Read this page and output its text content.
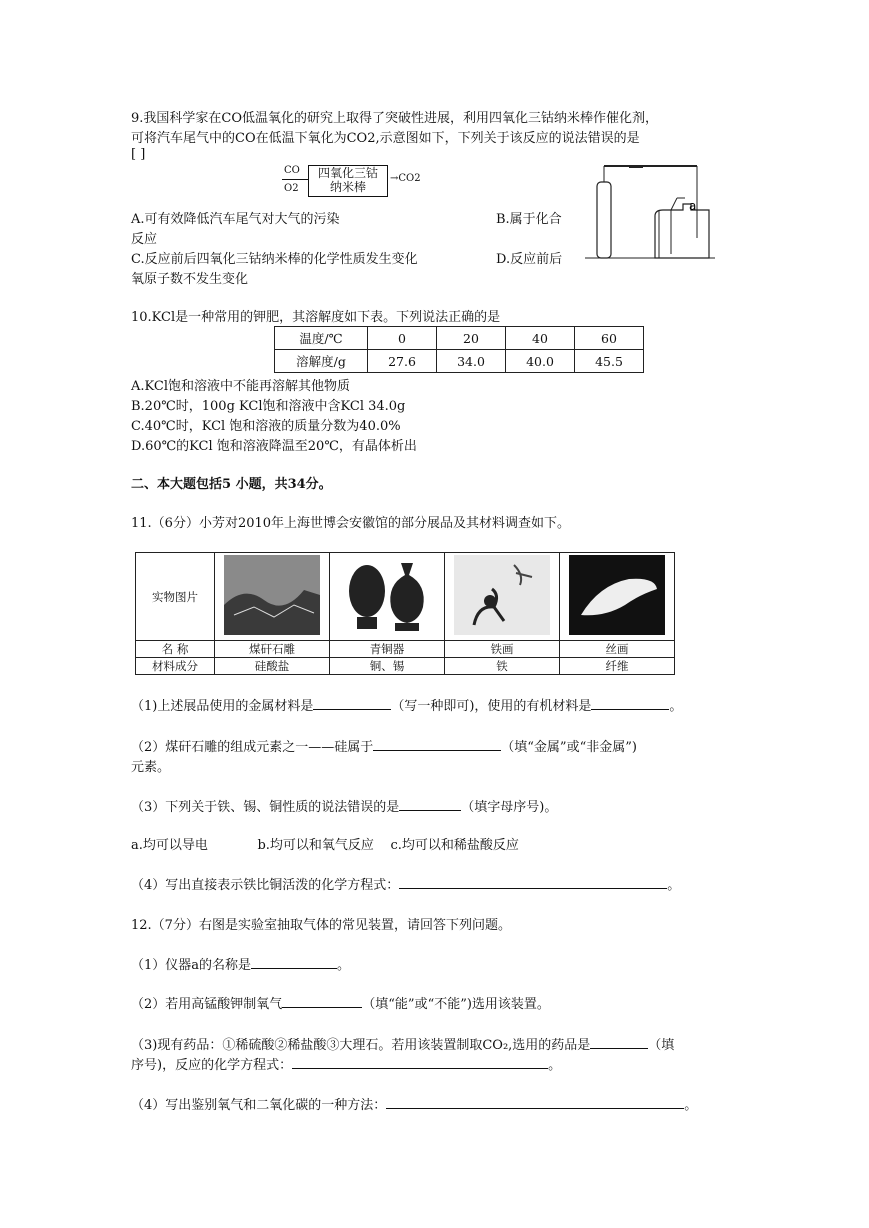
9.我国科学家在CO低温氧化的研究上取得了突破性进展，利用四氧化三钴纳米棒作催化剂，
可将汽车尾气中的CO在低温下氧化为CO2,示意图如下，下列关于该反应的说法错误的是
[ ]
CO
O2
四氧化三钴
纳米棒
→CO2
a
A.可有效降低汽车尾气对大气的污染	B.属于化合
反应
C.反应前后四氧化三钴纳米棒的化学性质发生变化	D.反应前后
氧原子数不发生变化
10.KCl是一种常用的钾肥，其溶解度如下表。下列说法正确的是
温度/℃	0	20	40	60
溶解度/g	27.6	34.0	40.0	45.5
A.KCl饱和溶液中不能再溶解其他物质
B.20℃时，100g KCl饱和溶液中含KCl 34.0g
C.40℃时，KCl 饱和溶液的质量分数为40.0%
D.60℃的KCl 饱和溶液降温至20℃，有晶体析出
二、本大题包括5 小题，共34分。
11.（6分）小芳对2010年上海世博会安徽馆的部分展品及其材料调查如下。
实物图片				
名 称	煤矸石雕	青铜器	铁画	丝画
材料成分	硅酸盐	铜、锡	铁	纤维
（1)上述展品使用的金属材料是	（写一种即可)，使用的有机材料是	。
（2）煤矸石雕的组成元素之一——硅属于	（填“金属”或“非金属”)
元素。
（3）下列关于铁、锡、铜性质的说法错误的是	（填字母序号)。
a.均可以导电            b.均可以和氧气反应    c.均可以和稀盐酸反应
（4）写出直接表示铁比铜活泼的化学方程式：	。
12.（7分）右图是实验室抽取气体的常见装置，请回答下列问题。
（1）仪器a的名称是	。
（2）若用高锰酸钾制氧气	（填“能”或“不能”)选用该装置。
（3)现有药品：①稀硫酸②稀盐酸③大理石。若用该装置制取CO₂,选用的药品是	（填
序号)，反应的化学方程式：	。
（4）写出鉴别氧气和二氧化碳的一种方法：	。
